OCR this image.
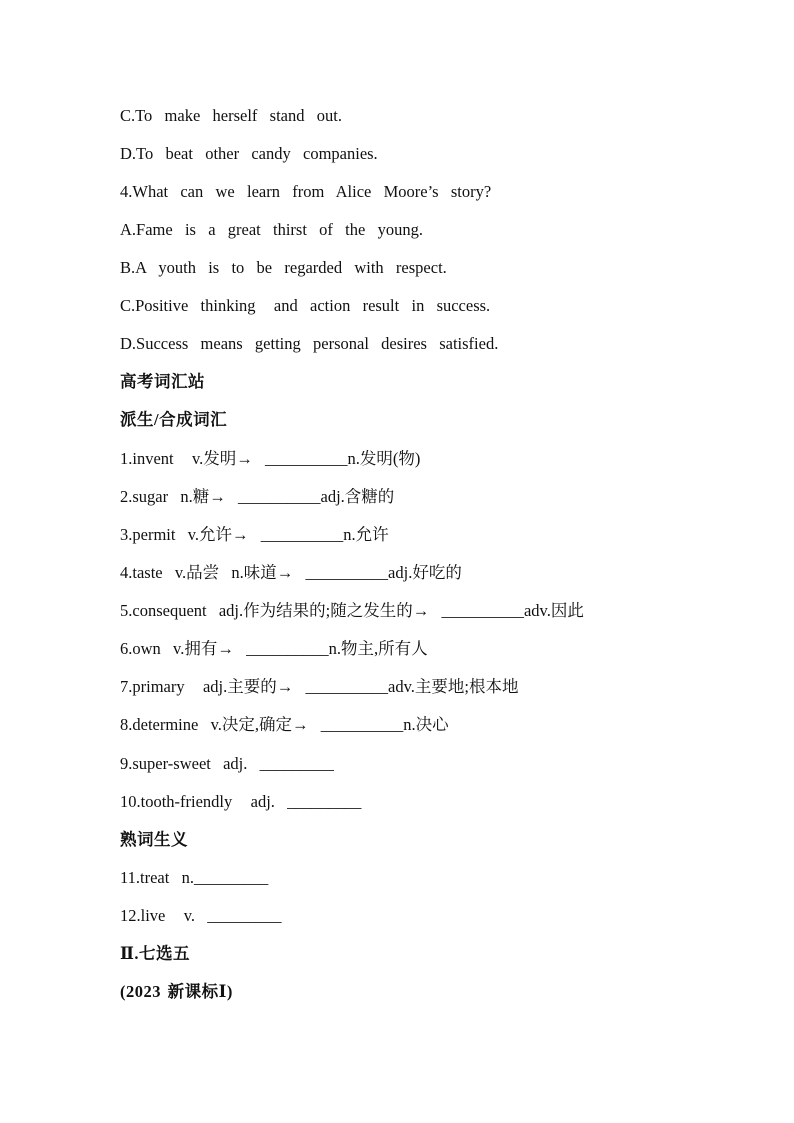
C.To  make  herself  stand  out.
D.To  beat  other  candy  companies.
4.What  can  we  learn  from  Alice  Moore’s  story?
A.Fame  is  a  great  thirst  of  the  young.
B.A  youth  is  to  be  regarded  with  respect.
C.Positive  thinking   and  action  result  in  success.
D.Success  means  getting  personal  desires  satisfied.
高考词汇站
派生/合成词汇
1.invent   v.发明→  __________n.发明(物)
2.sugar  n.糖→  __________adj.含糖的
3.permit  v.允许→  __________n.允许
4.taste  v.品尝  n.味道→  __________adj.好吃的
5.consequent  adj.作为结果的;随之发生的→  __________adv.因此
6.own  v.拥有→  __________n.物主,所有人
7.primary   adj.主要的→  __________adv.主要地;根本地
8.determine  v.决定,确定→  __________n.决心
9.super-sweet  adj.  _________
10.tooth-friendly   adj.  _________
熟词生义
11.treat  n._________
12.live   v.  _________
Ⅱ.七选五
(2023 新课标Ⅰ)
